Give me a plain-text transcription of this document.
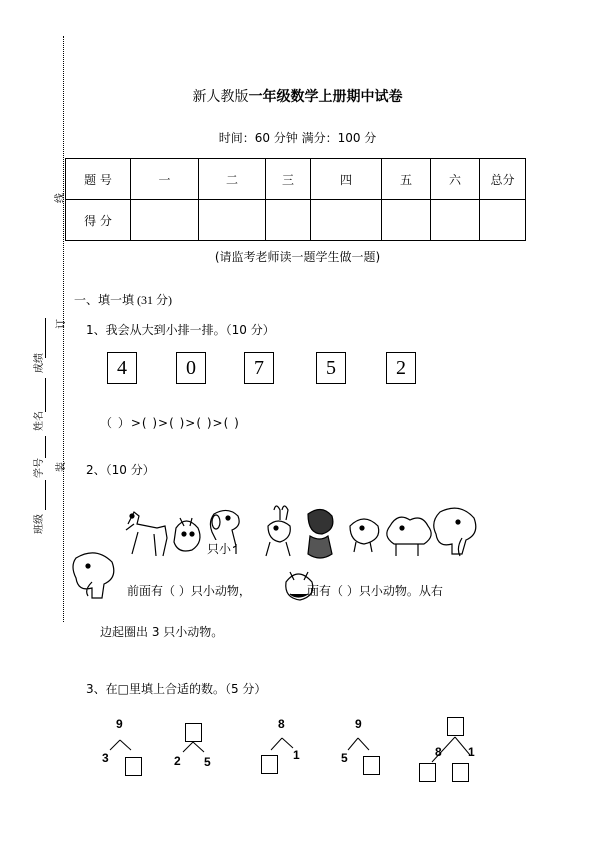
线
订
装
成绩
姓名
学号
班级
新人教版一年级数学上册期中试卷
时间：60 分钟 满分：100 分
题 号	一	二	三	四	五	六	总分
得 分							
(请监考老师读一题学生做一题)
一、填一填 (31 分)
1、我会从大到小排一排。（10 分）
4	0	7	5	2
（ ）>( )>( )>( )>( )
2、（10 分）
只小
前面有（ ）只小动物，	面有（ ）只小动物。从右
边起圈出 3 只小动物。
3、在□里填上合适的数。（5 分）
9
3	2 5
8
1
9
5	8 1
